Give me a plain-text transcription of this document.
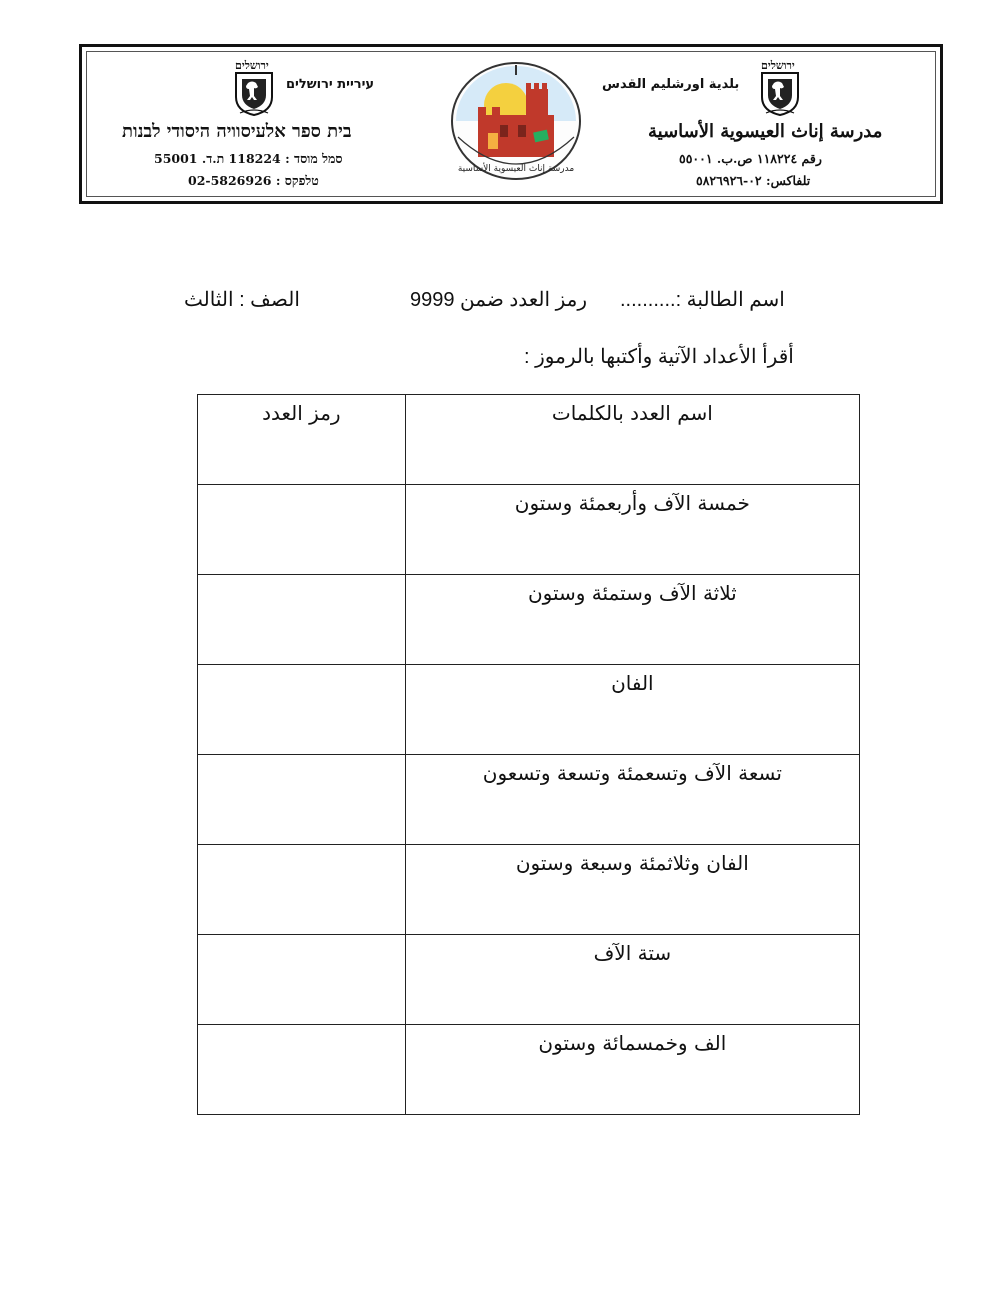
ירושלים
بلدية اورشليم القدس
مدرسة إناث العيسوية الأساسية
رقم ١١٨٢٢٤ ص.ب. ٥٥٠٠١
تلفاكس: ٠٢-٥٨٢٦٩٢٦
مدرسة إناث العيسوية الأساسية
ירושלים
עיריית ירושלים
בית ספר אלעיסוויה היסודי לבנות
סמל מוסד : 118224 ת.ד. 55001
טלפקס : 02-5826926
اسم الطالبة :..........
رمز العدد ضمن 9999
الصف : الثالث
أقرأ الأعداد الآتية وأكتبها بالرموز :
اسم العدد بالكلمات	رمز العدد
خمسة الآف وأربعمئة وستون	
ثلاثة الآف وستمئة وستون	
الفان	
تسعة الآف وتسعمئة وتسعة وتسعون	
الفان وثلاثمئة وسبعة وستون	
ستة الآف	
الف وخمسمائة وستون	
